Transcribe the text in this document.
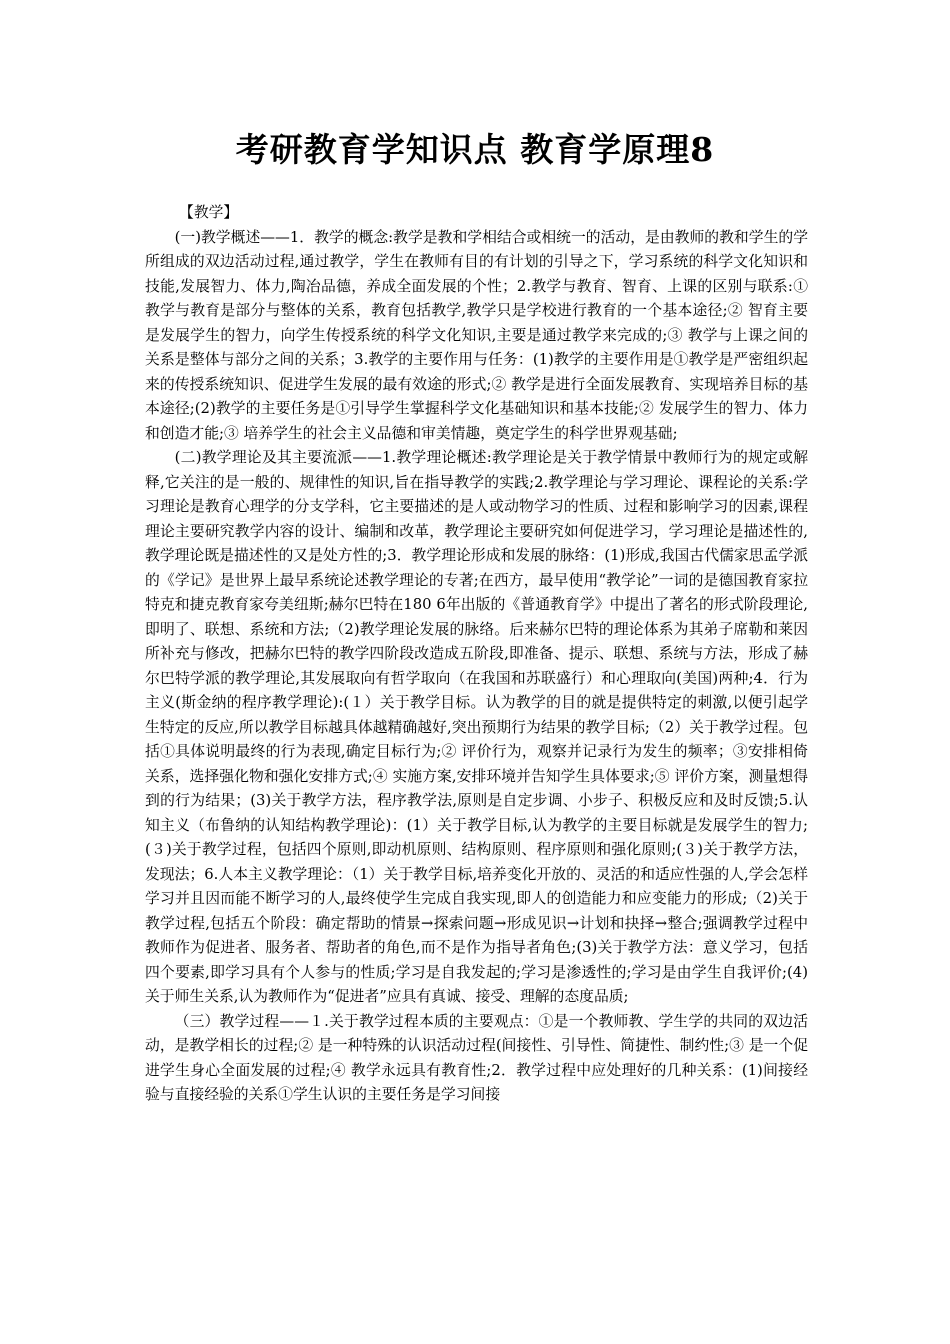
考研教育学知识点 教育学原理8

【教学】

(一)教学概述——1．教学的概念:教学是教和学相结合或相统一的活动，是由教师的教和学生的学所组成的双边活动过程,通过教学，学生在教师有目的有计划的引导之下，学习系统的科学文化知识和技能,发展智力、体力,陶冶品德，养成全面发展的个性；2.教学与教育、智育、上课的区别与联系:① 教学与教育是部分与整体的关系，教育包括教学,教学只是学校进行教育的一个基本途径;② 智育主要是发展学生的智力，向学生传授系统的科学文化知识,主要是通过教学来完成的;③ 教学与上课之间的关系是整体与部分之间的关系；3.教学的主要作用与任务：(1)教学的主要作用是①教学是严密组织起来的传授系统知识、促进学生发展的最有效途的形式;② 教学是进行全面发展教育、实现培养目标的基本途径;(2)教学的主要任务是①引导学生掌握科学文化基础知识和基本技能;② 发展学生的智力、体力和创造才能;③ 培养学生的社会主义品德和审美情趣，奠定学生的科学世界观基础;

(二)教学理论及其主要流派——1.教学理论概述:教学理论是关于教学情景中教师行为的规定或解释,它关注的是一般的、规律性的知识,旨在指导教学的实践;2.教学理论与学习理论、课程论的关系:学习理论是教育心理学的分支学科，它主要描述的是人或动物学习的性质、过程和影响学习的因素,课程理论主要研究教学内容的设计、编制和改革，教学理论主要研究如何促进学习，学习理论是描述性的,教学理论既是描述性的又是处方性的;3．教学理论形成和发展的脉络：(1)形成,我国古代儒家思孟学派的《学记》是世界上最早系统论述教学理论的专著;在西方，最早使用“教学论”一词的是德国教育家拉特克和捷克教育家夸美纽斯;赫尔巴特在180 6年出版的《普通教育学》中提出了著名的形式阶段理论,即明了、联想、系统和方法;（2)教学理论发展的脉络。后来赫尔巴特的理论体系为其弟子席勒和莱因所补充与修改，把赫尔巴特的教学四阶段改造成五阶段,即准备、提示、联想、系统与方法，形成了赫尔巴特学派的教学理论,其发展取向有哲学取向（在我国和苏联盛行）和心理取向(美国)两种;4．行为主义(斯金纳的程序教学理论):(１）关于教学目标。认为教学的目的就是提供特定的刺激,以便引起学生特定的反应,所以教学目标越具体越精确越好,突出预期行为结果的教学目标;（2）关于教学过程。包括①具体说明最终的行为表现,确定目标行为;② 评价行为，观察并记录行为发生的频率；③安排相倚关系，选择强化物和强化安排方式;④ 实施方案,安排环境并告知学生具体要求;⑤ 评价方案，测量想得到的行为结果；(3)关于教学方法，程序教学法,原则是自定步调、小步子、积极反应和及时反馈;5.认知主义（布鲁纳的认知结构教学理论)：(1）关于教学目标,认为教学的主要目标就是发展学生的智力;(３)关于教学过程，包括四个原则,即动机原则、结构原则、程序原则和强化原则;(３)关于教学方法，发现法；6.人本主义教学理论：（1）关于教学目标,培养变化开放的、灵活的和适应性强的人,学会怎样学习并且因而能不断学习的人,最终使学生完成自我实现,即人的创造能力和应变能力的形成;（2)关于教学过程,包括五个阶段：确定帮助的情景→探索问题→形成见识→计划和抉择→整合;强调教学过程中教师作为促进者、服务者、帮助者的角色,而不是作为指导者角色;(3)关于教学方法：意义学习，包括四个要素,即学习具有个人参与的性质;学习是自我发起的;学习是渗透性的;学习是由学生自我评价;(4)关于师生关系,认为教师作为“促进者”应具有真诚、接受、理解的态度品质;

（三）教学过程——１.关于教学过程本质的主要观点：①是一个教师教、学生学的共同的双边活动，是教学相长的过程;② 是一种特殊的认识活动过程(间接性、引导性、简捷性、制约性;③ 是一个促进学生身心全面发展的过程;④ 教学永远具有教育性;2．教学过程中应处理好的几种关系：(1)间接经验与直接经验的关系①学生认识的主要任务是学习间接
